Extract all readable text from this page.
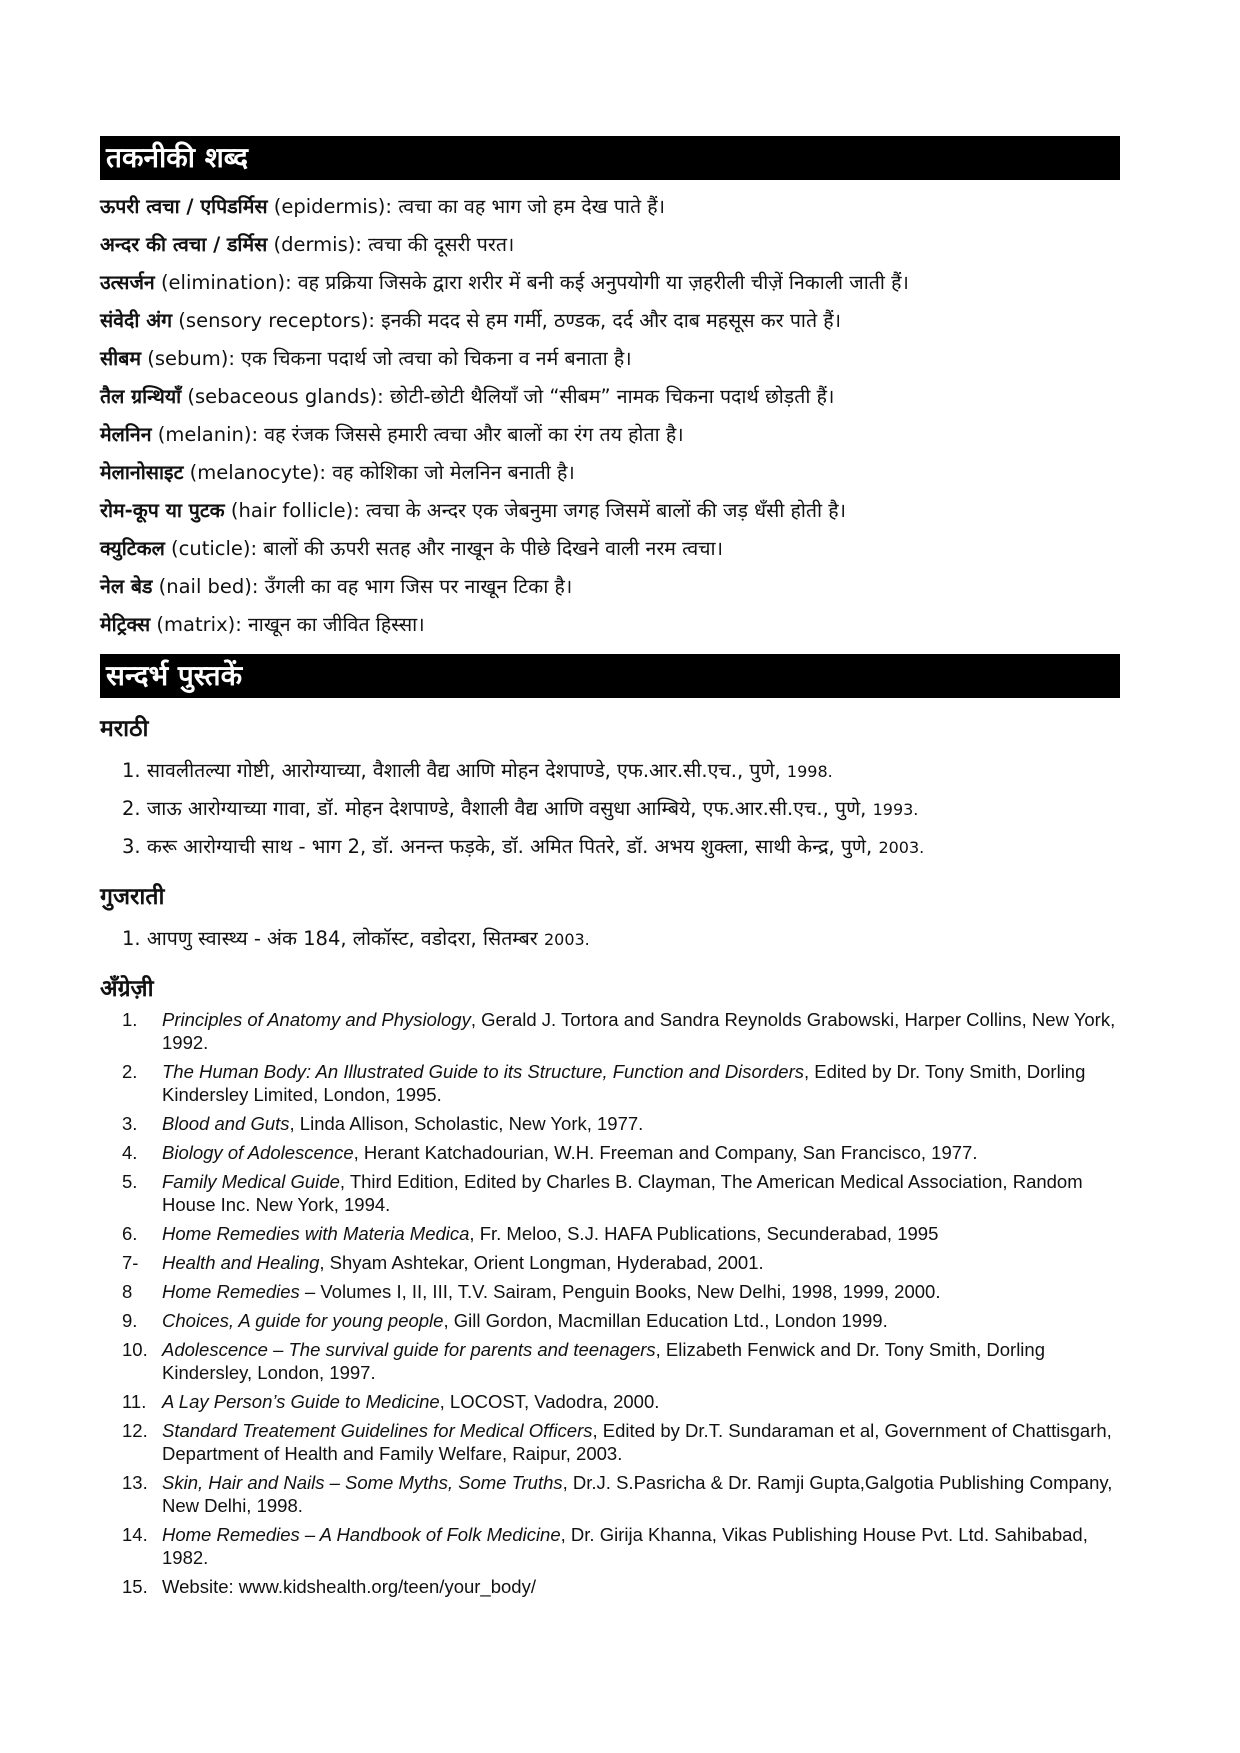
तकनीकी शब्द
ऊपरी त्वचा / एपिडर्मिस (epidermis): त्वचा का वह भाग जो हम देख पाते हैं।
अन्दर की त्वचा / डर्मिस (dermis): त्वचा की दूसरी परत।
उत्सर्जन (elimination): वह प्रक्रिया जिसके द्वारा शरीर में बनी कई अनुपयोगी या ज़हरीली चीज़ें निकाली जाती हैं।
संवेदी अंग (sensory receptors): इनकी मदद से हम गर्मी, ठण्डक, दर्द और दाब महसूस कर पाते हैं।
सीबम (sebum): एक चिकना पदार्थ जो त्वचा को चिकना व नर्म बनाता है।
तैल ग्रन्थियाँ (sebaceous glands): छोटी-छोटी थैलियाँ जो “सीबम” नामक चिकना पदार्थ छोड़ती हैं।
मेलनिन (melanin): वह रंजक जिससे हमारी त्वचा और बालों का रंग तय होता है।
मेलानोसाइट (melanocyte): वह कोशिका जो मेलनिन बनाती है।
रोम-कूप या पुटक (hair follicle): त्वचा के अन्दर एक जेबनुमा जगह जिसमें बालों की जड़ धँसी होती है।
क्युटिकल (cuticle): बालों की ऊपरी सतह और नाखून के पीछे दिखने वाली नरम त्वचा।
नेल बेड (nail bed): उँगली का वह भाग जिस पर नाखून टिका है।
मेट्रिक्स (matrix): नाखून का जीवित हिस्सा।
सन्दर्भ पुस्तकें
मराठी
1. सावलीतल्या गोष्टी, आरोग्याच्या, वैशाली वैद्य आणि मोहन देशपाण्डे, एफ.आर.सी.एच., पुणे, 1998.
2. जाऊ आरोग्याच्या गावा, डॉ. मोहन देशपाण्डे, वैशाली वैद्य आणि वसुधा आम्बिये, एफ.आर.सी.एच., पुणे, 1993.
3. करू आरोग्याची साथ - भाग 2, डॉ. अनन्त फड़के, डॉ. अमित पितरे, डॉ. अभय शुक्ला, साथी केन्द्र, पुणे, 2003.
गुजराती
1. आपणु स्वास्थ्य - अंक 184, लोकॉस्ट, वडोदरा, सितम्बर 2003.
अँग्रेज़ी
1.	Principles of Anatomy and Physiology, Gerald J. Tortora and Sandra Reynolds Grabowski, Harper Collins, New York, 1992.
2.	The Human Body: An Illustrated Guide to its Structure, Function and Disorders, Edited by Dr. Tony Smith, Dorling Kindersley Limited, London, 1995.
3.	Blood and Guts, Linda Allison, Scholastic, New York, 1977.
4.	Biology of Adolescence, Herant Katchadourian, W.H. Freeman and Company, San Francisco, 1977.
5.	Family Medical Guide, Third Edition, Edited by Charles B. Clayman, The American Medical Association, Random House Inc. New York, 1994.
6.	Home Remedies with Materia Medica, Fr. Meloo, S.J. HAFA Publications, Secunderabad, 1995
7-	Health and Healing, Shyam Ashtekar, Orient Longman, Hyderabad, 2001.
8	Home Remedies – Volumes I, II, III, T.V. Sairam, Penguin Books, New Delhi, 1998, 1999, 2000.
9.	Choices, A guide for young people, Gill Gordon, Macmillan Education Ltd., London 1999.
10. Adolescence – The survival guide for parents and teenagers, Elizabeth Fenwick and Dr. Tony Smith, Dorling Kindersley, London, 1997.
11. A Lay Person’s Guide to Medicine, LOCOST, Vadodra, 2000.
12. Standard Treatement Guidelines for Medical Officers, Edited by Dr.T. Sundaraman et al, Government of Chattisgarh, Department of Health and Family Welfare, Raipur, 2003.
13. Skin, Hair and Nails – Some Myths, Some Truths, Dr.J. S.Pasricha & Dr. Ramji Gupta,Galgotia Publishing Company, New Delhi, 1998.
14. Home Remedies – A Handbook of Folk Medicine, Dr. Girija Khanna, Vikas Publishing House Pvt. Ltd. Sahibabad, 1982.
15. Website: www.kidshealth.org/teen/your_body/
